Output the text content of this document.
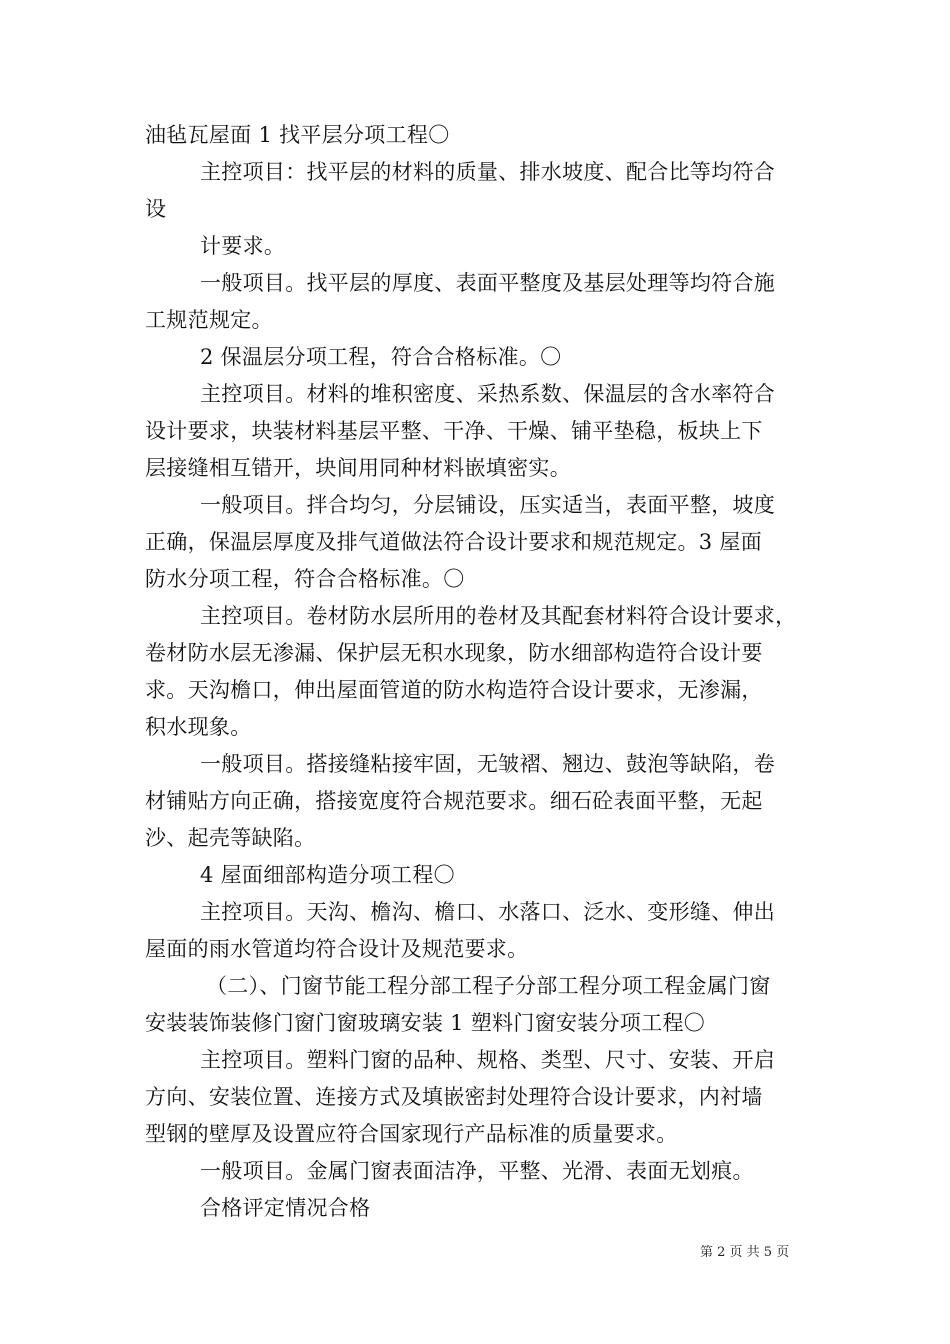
油毡瓦屋面 1 找平层分项工程〇
主控项目：找平层的材料的质量、排水坡度、配合比等均符合
设
计要求。
一般项目。找平层的厚度、表面平整度及基层处理等均符合施
工规范规定。
2 保温层分项工程，符合合格标准。〇
主控项目。材料的堆积密度、采热系数、保温层的含水率符合
设计要求，块装材料基层平整、干净、干燥、铺平垫稳，板块上下
层接缝相互错开，块间用同种材料嵌填密实。
一般项目。拌合均匀，分层铺设，压实适当，表面平整，坡度
正确，保温层厚度及排气道做法符合设计要求和规范规定。3 屋面
防水分项工程，符合合格标准。〇
主控项目。卷材防水层所用的卷材及其配套材料符合设计要求，
卷材防水层无渗漏、保护层无积水现象，防水细部构造符合设计要
求。天沟檐口，伸出屋面管道的防水构造符合设计要求，无渗漏，
积水现象。
一般项目。搭接缝粘接牢固，无皱褶、翘边、鼓泡等缺陷，卷
材铺贴方向正确，搭接宽度符合规范要求。细石砼表面平整，无起
沙、起壳等缺陷。
4 屋面细部构造分项工程〇
主控项目。天沟、檐沟、檐口、水落口、泛水、变形缝、伸出
屋面的雨水管道均符合设计及规范要求。
（二）、门窗节能工程分部工程子分部工程分项工程金属门窗
安装装饰装修门窗门窗玻璃安装 1 塑料门窗安装分项工程〇
主控项目。塑料门窗的品种、规格、类型、尺寸、安装、开启
方向、安装位置、连接方式及填嵌密封处理符合设计要求，内衬墙
型钢的壁厚及设置应符合国家现行产品标准的质量要求。
一般项目。金属门窗表面洁净，平整、光滑、表面无划痕。
合格评定情况合格
第 2 页 共 5 页
